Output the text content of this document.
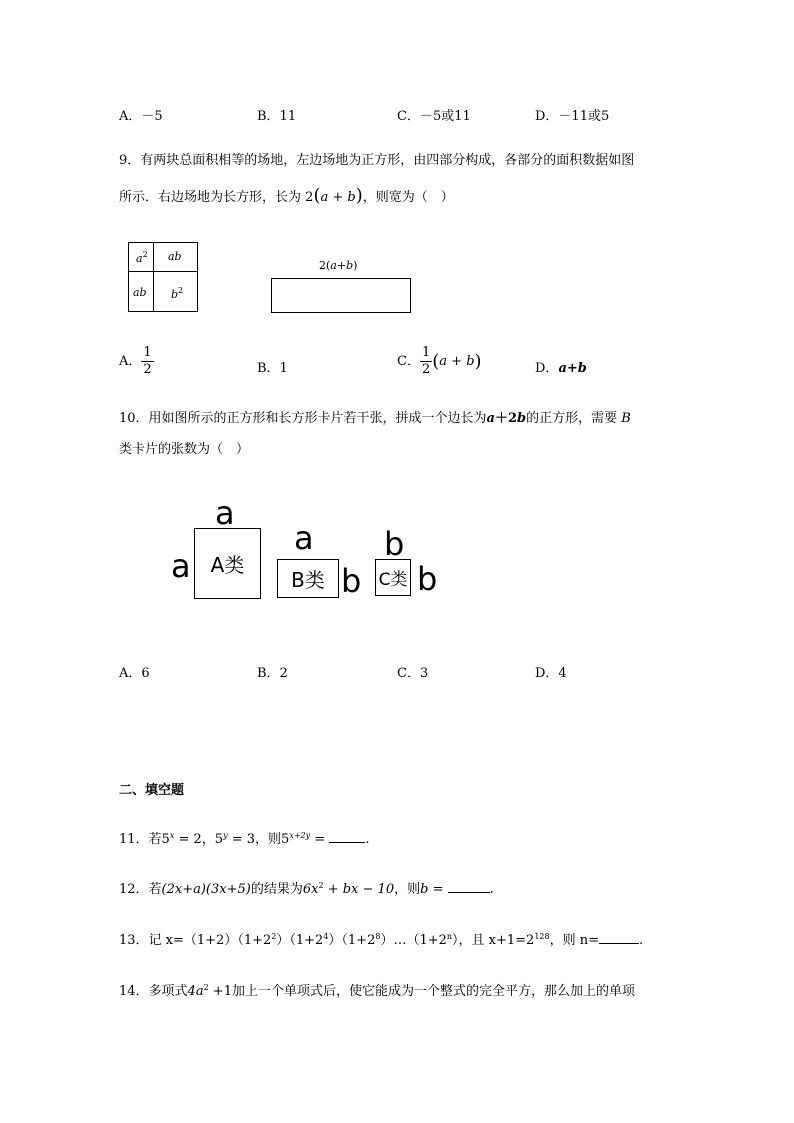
A．－5	B．11	C．－5或11	D．－11或5
9．有两块总面积相等的场地，左边场地为正方形，由四部分构成，各部分的面积数据如图
所示．右边场地为长方形，长为 2(a + b)，则宽为（　）
$a^2$ ab
ab $b^2$
2(a+b)
A． $\frac{1}{2}$	B．1	C． $\frac{1}{2} (a + b)$	D．a+b
10．用如图所示的正方形和长方形卡片若干张，拼成一个边长为a＋2b的正方形，需要 B
类卡片的张数为（　）
a
a A类
a
B类 b
b
C类 b
A．6	B．2	C．3	D．4
二、填空题
11．若$5^x = 2$，$5^y = 3$，则$5^{x+2y}$ =	.
12．若(2x+a)(3x+5)的结果为$6x^2$ + bx − 10，则b =	.
13．记 $x=(1+2)(1+2^2)(1+2^4)(1+2^8)\dots(1+2^n)$，且 $x+1=2^{128}$，则 n=	.
14．多项式$4a^2 +1$加上一个单项式后，使它能成为一个整式的完全平方，那么加上的单项
